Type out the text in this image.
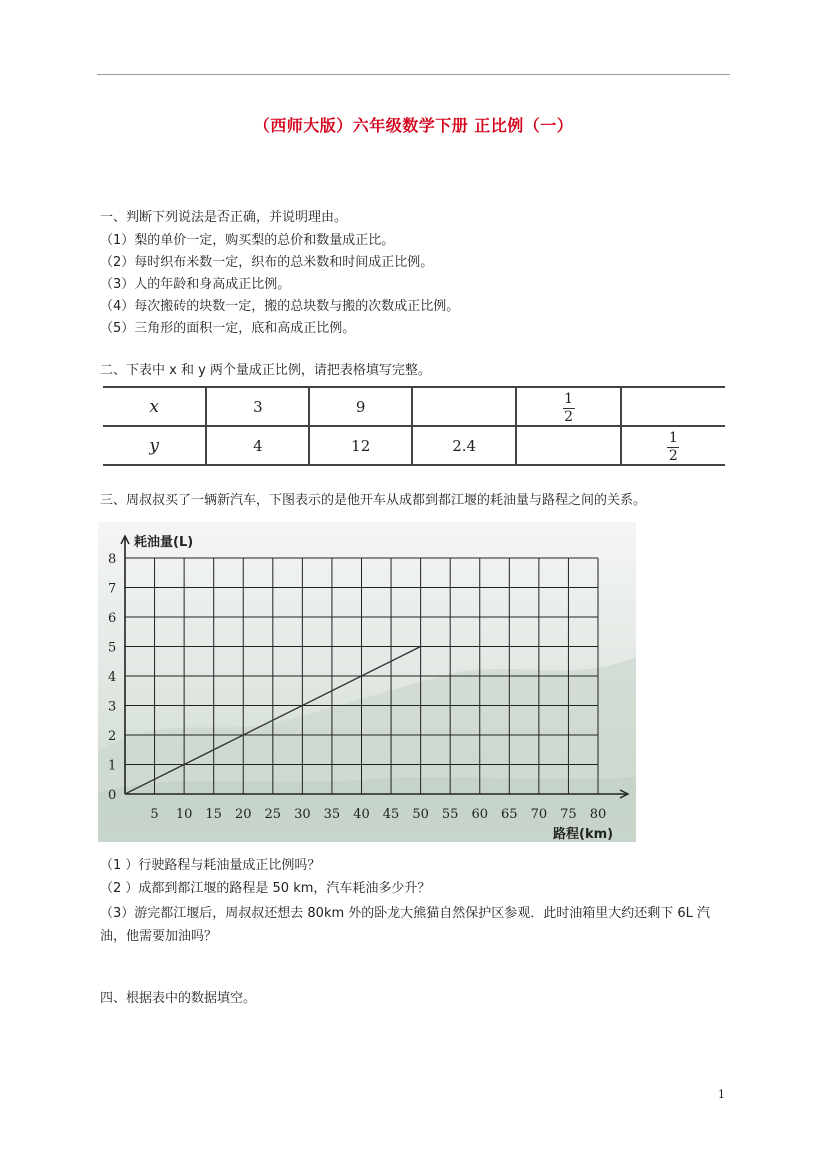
（西师大版）六年级数学下册 正比例（一）
一、判断下列说法是否正确，并说明理由。
（1）梨的单价一定，购买梨的总价和数量成正比。
（2）每时织布米数一定，织布的总米数和时间成正比例。
（3）人的年龄和身高成正比例。
（4）每次搬砖的块数一定，搬的总块数与搬的次数成正比例。
（5）三角形的面积一定，底和高成正比例。
二、下表中 x 和 y 两个量成正比例，请把表格填写完整。
x	3	9		$\frac{1}{2}$

y	4	12	2.4		$\frac{1}{2}$
三、周叔叔买了一辆新汽车，下图表示的是他开车从成都到都江堰的耗油量与路程之间的关系。
0
1
2
3
4
5
6
7
8
5 10 15 20 25 30 35 40 45 50 55 60 65 70 75 80
耗油量(L)
路程(km)
（1 ）行驶路程与耗油量成正比例吗？
（2 ）成都到都江堰的路程是 50 km，汽车耗油多少升？
（3）游完都江堰后，周叔叔还想去 80km 外的卧龙大熊猫自然保护区参观．此时油箱里大约还剩下 6L 汽油，他需要加油吗？
四、根据表中的数据填空。
1
